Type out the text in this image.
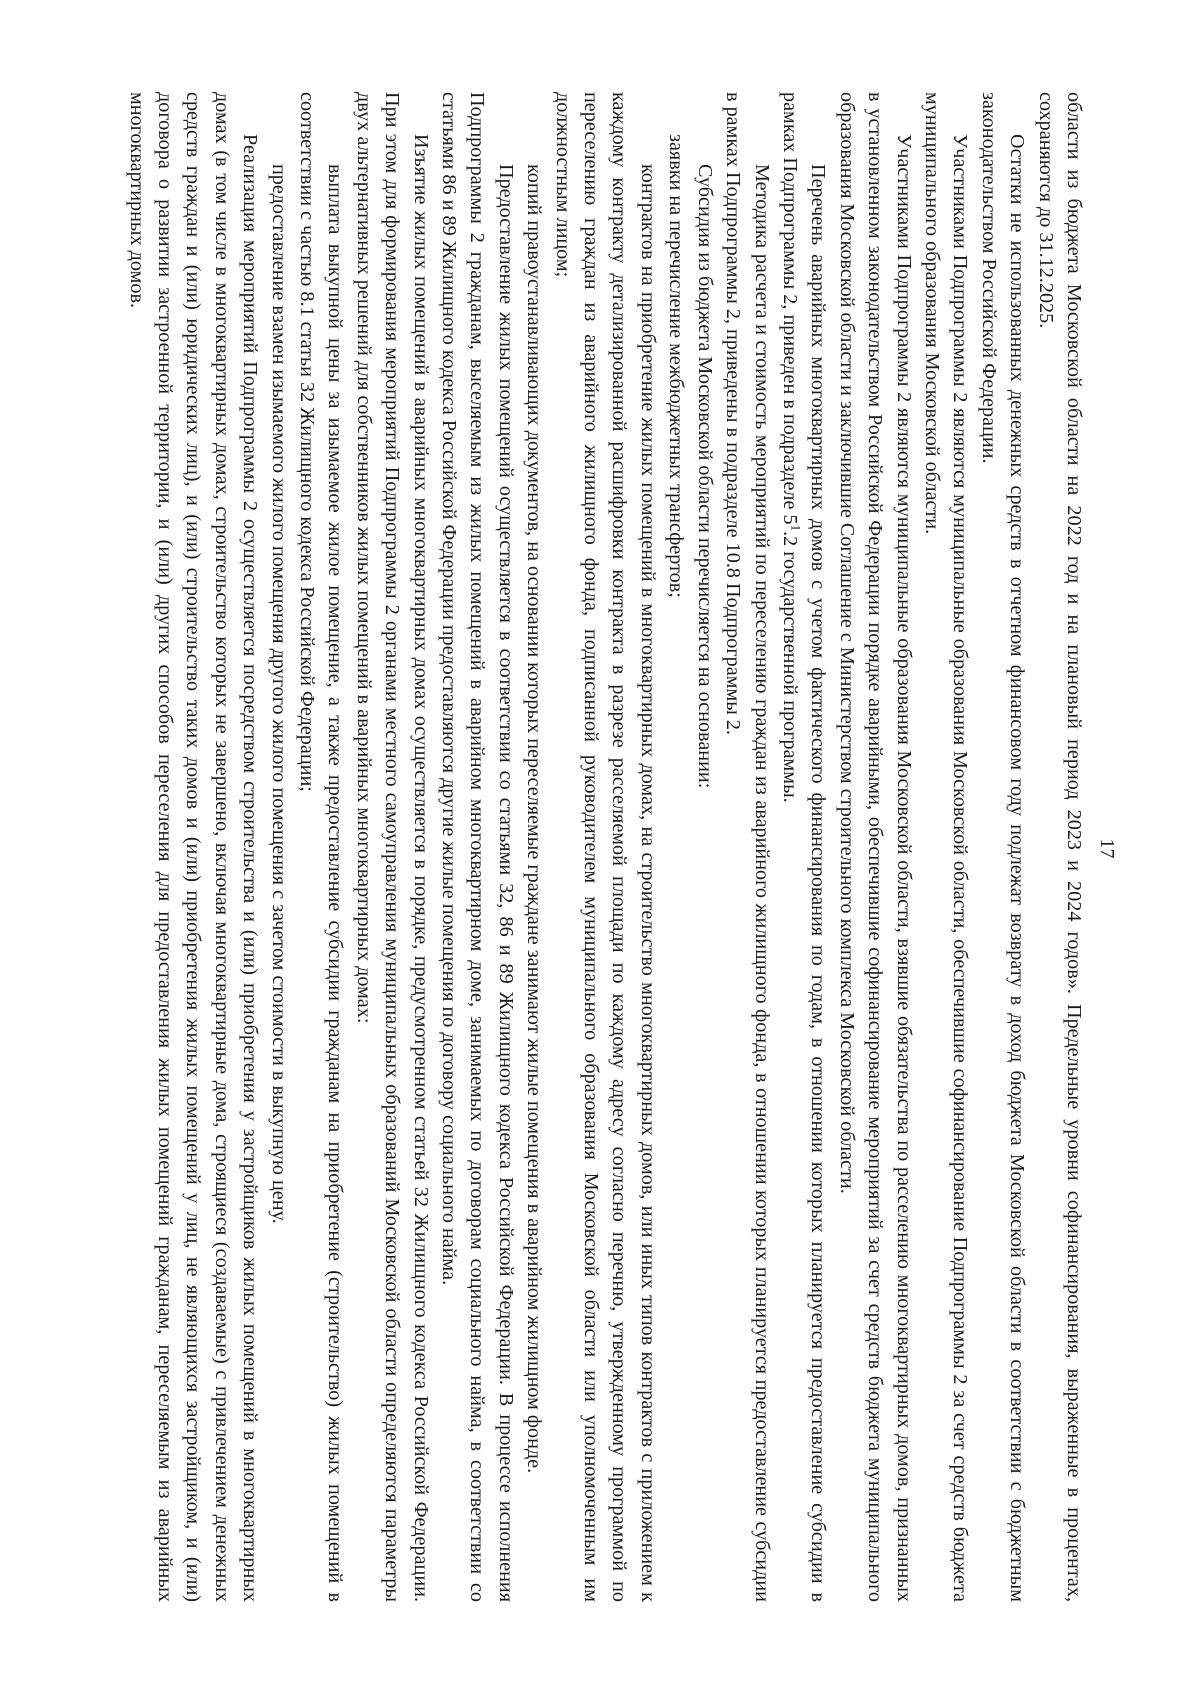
17

области из бюджета Московской области на 2022 год и на плановый период 2023 и 2024 годов». Предельные уровни софинансирования, выраженные в процентах, сохраняются до 31.12.2025.

Остатки не использованных денежных средств в отчетном финансовом году подлежат возврату в доход бюджета Московской области в соответствии с бюджетным законодательством Российской Федерации.

Участниками Подпрограммы 2 являются муниципальные образования Московской области, обеспечившие софинансирование Подпрограммы 2 за счет средств бюджета муниципального образования Московской области.

Участниками Подпрограммы 2 являются муниципальные образования Московской области, взявшие обязательства по расселению многоквартирных домов, признанных в установленном законодательством Российской Федерации порядке аварийными, обеспечившие софинансирование мероприятий за счет средств бюджета муниципального образования Московской области и заключившие Соглашение с Министерством строительного комплекса Московской области.

Перечень аварийных многоквартирных домов с учетом фактического финансирования по годам, в отношении которых планируется предоставление субсидии в рамках Подпрограммы 2, приведен в подразделе $5^1.2$ государственной программы.

Методика расчета и стоимость мероприятий по переселению граждан из аварийного жилищного фонда, в отношении которых планируется предоставление субсидии в рамках Подпрограммы 2, приведены в подразделе 10.8 Подпрограммы 2.

Субсидия из бюджета Московской области перечисляется на основании:

заявки на перечисление межбюджетных трансфертов;

контрактов на приобретение жилых помещений в многоквартирных домах, на строительство многоквартирных домов, или иных типов контрактов с приложением к каждому контракту детализированной расшифровки контракта в разрезе расселяемой площади по каждому адресу согласно перечню, утвержденному программой по переселению граждан из аварийного жилищного фонда, подписанной руководителем муниципального образования Московской области или уполномоченным им должностным лицом;

копий правоустанавливающих документов, на основании которых переселяемые граждане занимают жилые помещения в аварийном жилищном фонде.

Предоставление жилых помещений осуществляется в соответствии со статьями 32, 86 и 89 Жилищного кодекса Российской Федерации. В процессе исполнения Подпрограммы 2 гражданам, выселяемым из жилых помещений в аварийном многоквартирном доме, занимаемых по договорам социального найма, в соответствии со статьями 86 и 89 Жилищного кодекса Российской Федерации предоставляются другие жилые помещения по договору социального найма.

Изъятие жилых помещений в аварийных многоквартирных домах осуществляется в порядке, предусмотренном статьей 32 Жилищного кодекса Российской Федерации. При этом для формирования мероприятий Подпрограммы 2 органами местного самоуправления муниципальных образований Московской области определяются параметры двух альтернативных решений для собственников жилых помещений в аварийных многоквартирных домах:

выплата выкупной цены за изымаемое жилое помещение, а также предоставление субсидии гражданам на приобретение (строительство) жилых помещений в соответствии с частью 8.1 статьи 32 Жилищного кодекса Российской Федерации;

предоставление взамен изымаемого жилого помещения другого жилого помещения с зачетом стоимости в выкупную цену.

Реализация мероприятий Подпрограммы 2 осуществляется посредством строительства и (или) приобретения у застройщиков жилых помещений в многоквартирных домах (в том числе в многоквартирных домах, строительство которых не завершено, включая многоквартирные дома, строящиеся (создаваемые) с привлечением денежных средств граждан и (или) юридических лиц), и (или) строительство таких домов и (или) приобретения жилых помещений у лиц, не являющихся застройщиком, и (или) договора о развитии застроенной территории, и (или) других способов переселения для предоставления жилых помещений гражданам, переселяемым из аварийных многоквартирных домов.
